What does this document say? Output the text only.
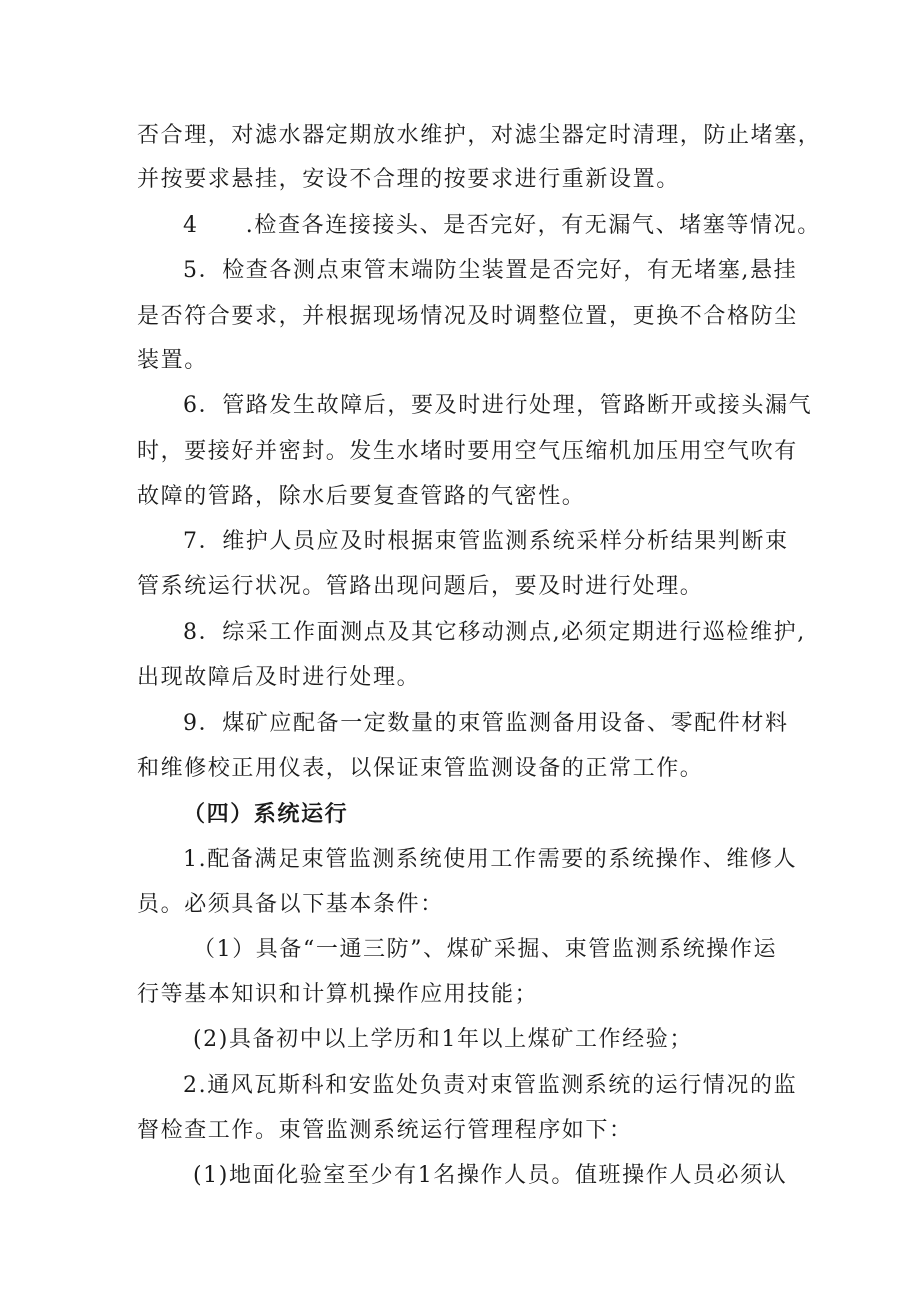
否合理，对滤水器定期放水维护，对滤尘器定时清理，防止堵塞，
并按要求悬挂，安设不合理的按要求进行重新设置。
4　　.检查各连接接头、是否完好，有无漏气、堵塞等情况。
5．检查各测点束管末端防尘装置是否完好，有无堵塞,悬挂
是否符合要求，并根据现场情况及时调整位置，更换不合格防尘
装置。
6．管路发生故障后，要及时进行处理，管路断开或接头漏气
时，要接好并密封。发生水堵时要用空气压缩机加压用空气吹有
故障的管路，除水后要复查管路的气密性。
7．维护人员应及时根据束管监测系统采样分析结果判断束
管系统运行状况。管路出现问题后，要及时进行处理。
8．综采工作面测点及其它移动测点,必须定期进行巡检维护,
出现故障后及时进行处理。
9．煤矿应配备一定数量的束管监测备用设备、零配件材料
和维修校正用仪表，以保证束管监测设备的正常工作。
（四）系统运行
1.配备满足束管监测系统使用工作需要的系统操作、维修人
员。必须具备以下基本条件：
（1）具备“一通三防”、煤矿采掘、束管监测系统操作运
行等基本知识和计算机操作应用技能；
(2)具备初中以上学历和1年以上煤矿工作经验；
2.通风瓦斯科和安监处负责对束管监测系统的运行情况的监
督检查工作。束管监测系统运行管理程序如下：
(1)地面化验室至少有1名操作人员。值班操作人员必须认
